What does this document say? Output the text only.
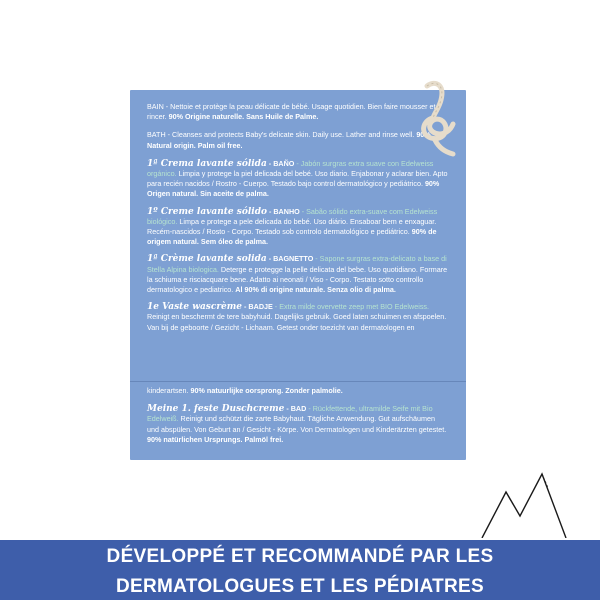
BAIN - Nettoie et protège la peau délicate de bébé. Usage quotidien. Bien faire mousser et rincer. 90% Origine naturelle. Sans Huile de Palme.

BATH - Cleanses and protects Baby's delicate skin. Daily use. Lather and rinse well. 90% Natural origin. Palm oil free.

1ª Crema lavante sólida - BAÑO - Jabón surgras extra suave con Edelweiss orgánico. Limpia y protege la piel delicada del bebé. Uso diario. Enjabonar y aclarar bien. Apto para recién nacidos / Rostro - Cuerpo. Testado bajo control dermatológico y pediátrico. 90% Origen natural. Sin aceite de palma.
1º Creme lavante sólido - BANHO - Sabão sólido extra-suave com Edelweiss biológico. Limpa e protege a pele delicada do bebé. Uso diário. Ensaboar bem e enxaguar. Recém-nascidos / Rosto - Corpo. Testado sob controlo dermatológico e pediátrico. 90% de origem natural. Sem óleo de palma.
1ª Crème lavante solida - BAGNETTO - Sapone surgras extra-delicato a base di Stella Alpina biologica. Deterge e protegge la pelle delicata del bebe. Uso quotidiano. Formare la schiuma e risciacquare bene. Adatto ai neonati / Viso - Corpo. Testato sotto controllo dermatologico e pediatrico. Al 90% di origine naturale. Senza olio di palma.
1e Vaste wascrème - BADJE - Extra milde overvette zeep met BIO Edelweiss. Reinigt en beschermt de tere babyhuid. Dagelijks gebruik. Goed laten schuimen en afspoelen. Van bij de geboorte / Gezicht - Lichaam. Getest onder toezicht van dermatologen en

kinderartsen. 90% natuurlijke oorsprong. Zonder palmolie.

Meine 1. feste Duschcreme - BAD - Rückfettende, ultramilde Seife mit Bio Edelweiß. Reinigt und schützt die zarte Babyhaut. Tägliche Anwendung. Gut aufschäumen und abspülen. Von Geburt an / Gesicht - Körpe. Von Dermatologen und Kinderärzten getestet. 90% natürlichen Ursprungs. Palmöl frei.
DÉVELOPPÉ ET RECOMMANDÉ PAR LES
DERMATOLOGUES ET LES PÉDIATRES
